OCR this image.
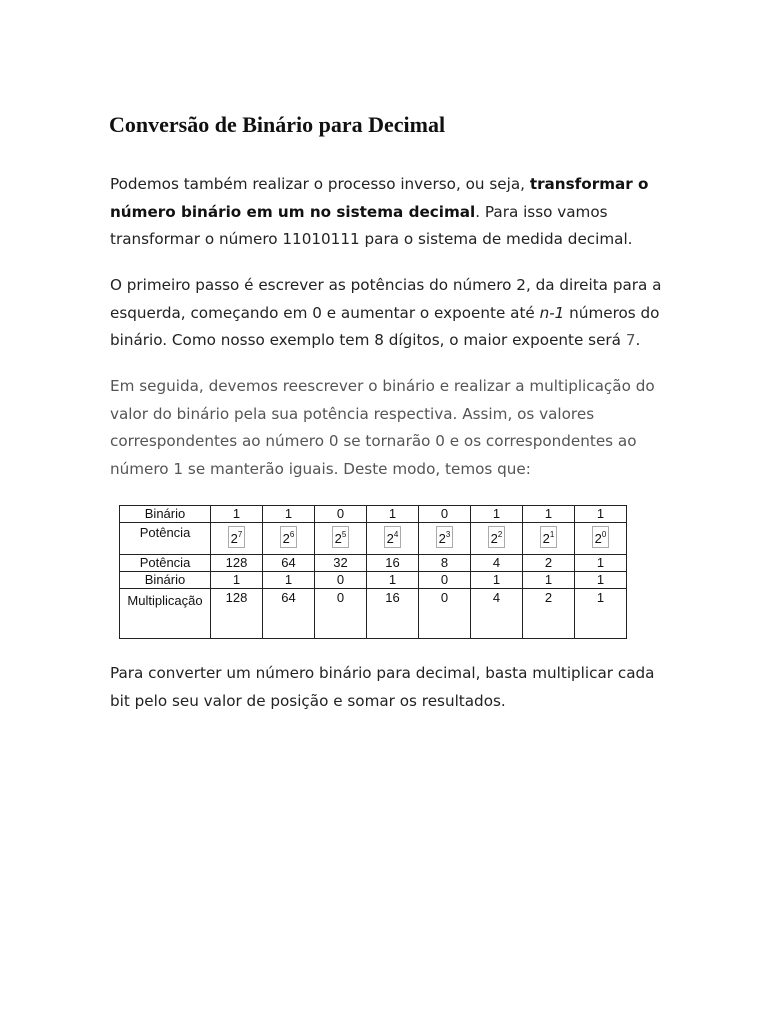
Conversão de Binário para Decimal

Podemos também realizar o processo inverso, ou seja, transformar o número binário em um no sistema decimal. Para isso vamos transformar o número 11010111 para o sistema de medida decimal.

O primeiro passo é escrever as potências do número 2, da direita para a esquerda, começando em 0 e aumentar o expoente até n-1 números do binário. Como nosso exemplo tem 8 dígitos, o maior expoente será 7.

Em seguida, devemos reescrever o binário e realizar a multiplicação do valor do binário pela sua potência respectiva. Assim, os valores correspondentes ao número 0 se tornarão 0 e os correspondentes ao número 1 se manterão iguais. Deste modo, temos que:

Binário	1	1	0	1	0	1	1	1
Potência	$2^7$	$2^6$	$2^5$	$2^4$	$2^3$	$2^2$	$2^1$	$2^0$
Potência	128	64	32	16	8	4	2	1
Binário	1	1	0	1	0	1	1	1
Multiplicação	128	64	0	16	0	4	2	1

Para converter um número binário para decimal, basta multiplicar cada bit pelo seu valor de posição e somar os resultados.
